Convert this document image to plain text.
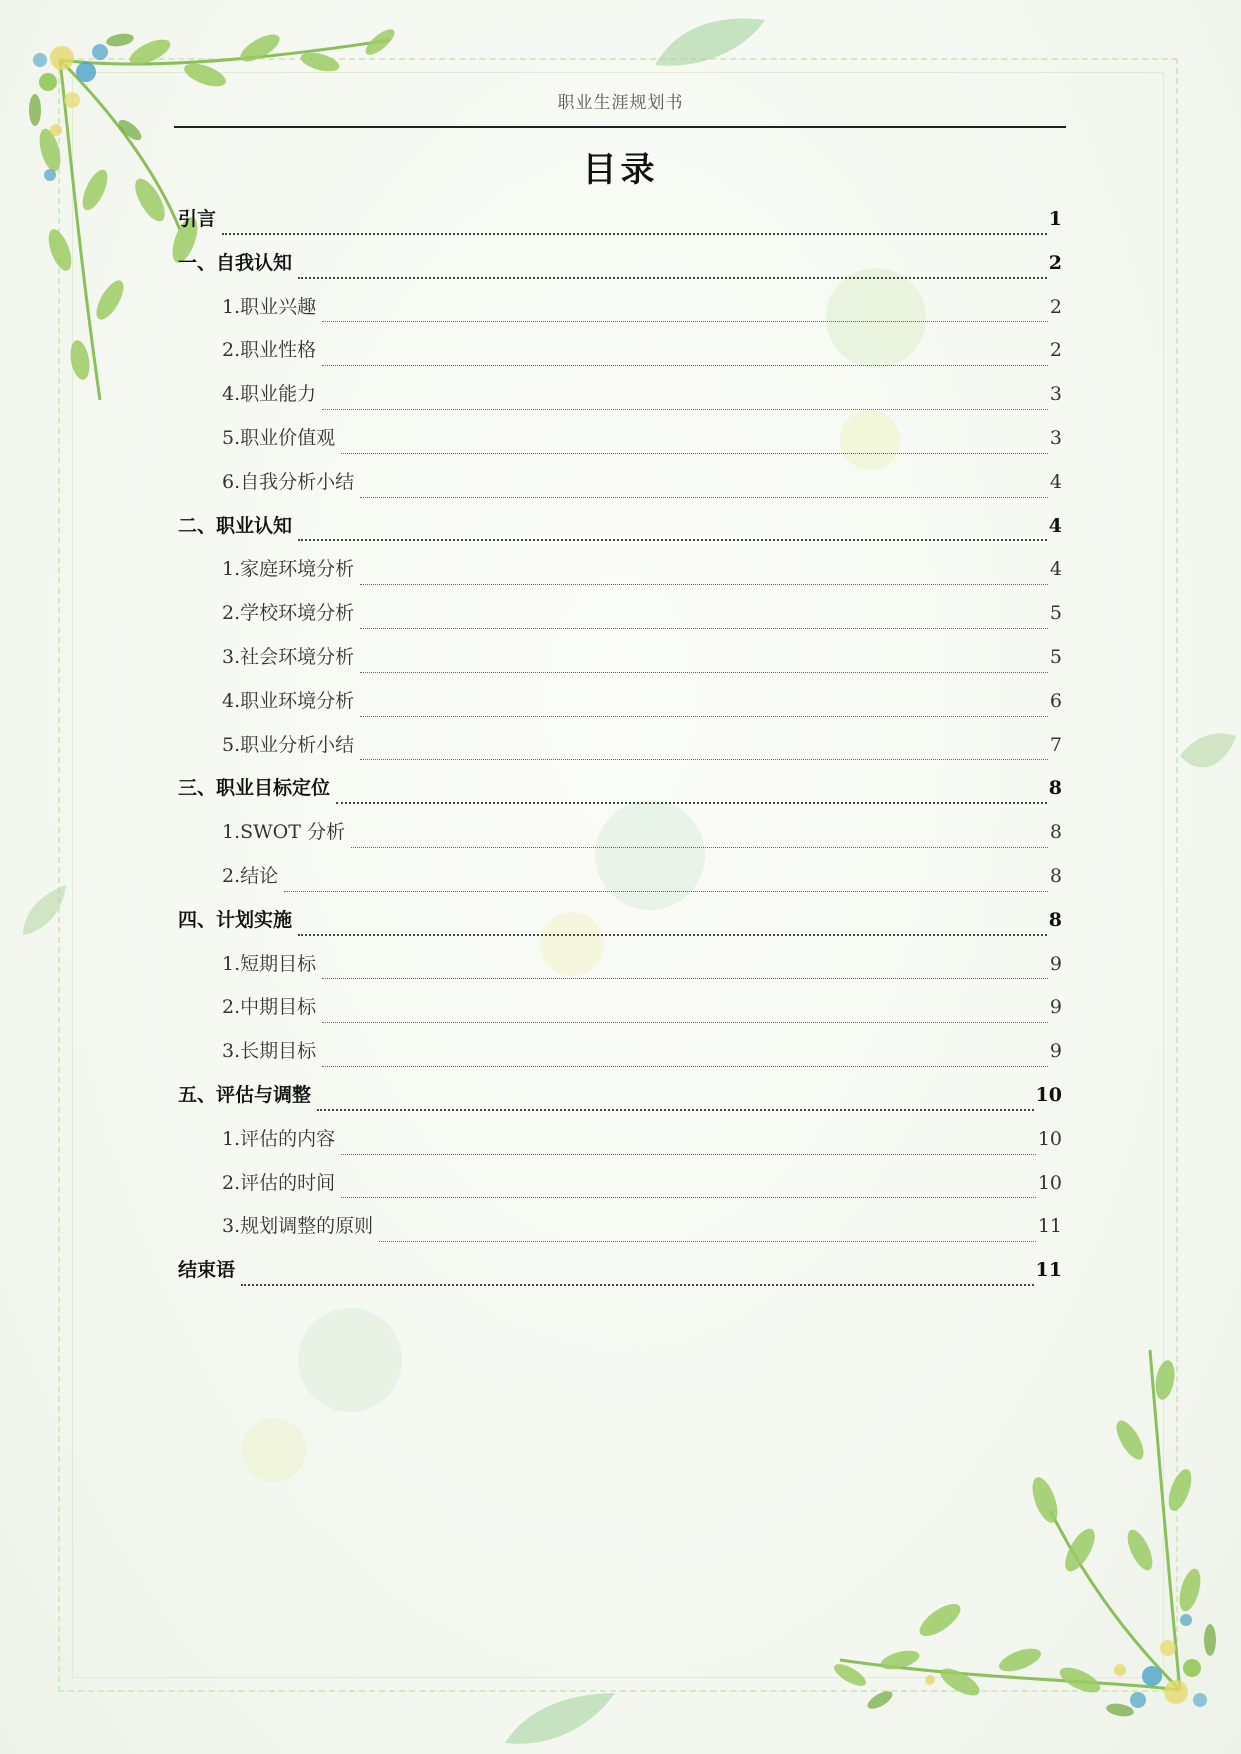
职业生涯规划书
目录
引言	1
一、自我认知	2
1.职业兴趣	2
2.职业性格	2
4.职业能力	3
5.职业价值观	3
6.自我分析小结	4
二、职业认知	4
1.家庭环境分析	4
2.学校环境分析	5
3.社会环境分析	5
4.职业环境分析	6
5.职业分析小结	7
三、职业目标定位	8
1.SWOT 分析	8
2.结论	8
四、计划实施	8
1.短期目标	9
2.中期目标	9
3.长期目标	9
五、评估与调整	10
1.评估的内容	10
2.评估的时间	10
3.规划调整的原则	11
结束语	11
